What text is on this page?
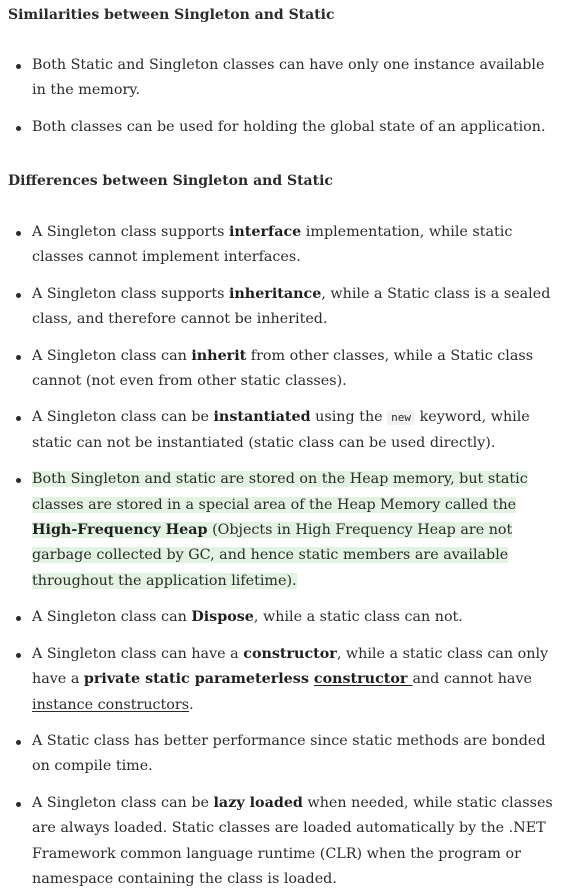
Similarities between Singleton and Static
Both Static and Singleton classes can have only one instance available in the memory.
Both classes can be used for holding the global state of an application.
Differences between Singleton and Static
A Singleton class supports interface implementation, while static classes cannot implement interfaces.
A Singleton class supports inheritance, while a Static class is a sealed class, and therefore cannot be inherited.
A Singleton class can inherit from other classes, while a Static class cannot (not even from other static classes).
A Singleton class can be instantiated using the new keyword, while static can not be instantiated (static class can be used directly).
Both Singleton and static are stored on the Heap memory, but static classes are stored in a special area of the Heap Memory called the High-Frequency Heap (Objects in High Frequency Heap are not garbage collected by GC, and hence static members are available throughout the application lifetime).
A Singleton class can Dispose, while a static class can not.
A Singleton class can have a constructor, while a static class can only have a private static parameterless constructor and cannot have instance constructors.
A Static class has better performance since static methods are bonded on compile time.
A Singleton class can be lazy loaded when needed, while static classes are always loaded. Static classes are loaded automatically by the .NET Framework common language runtime (CLR) when the program or namespace containing the class is loaded.
